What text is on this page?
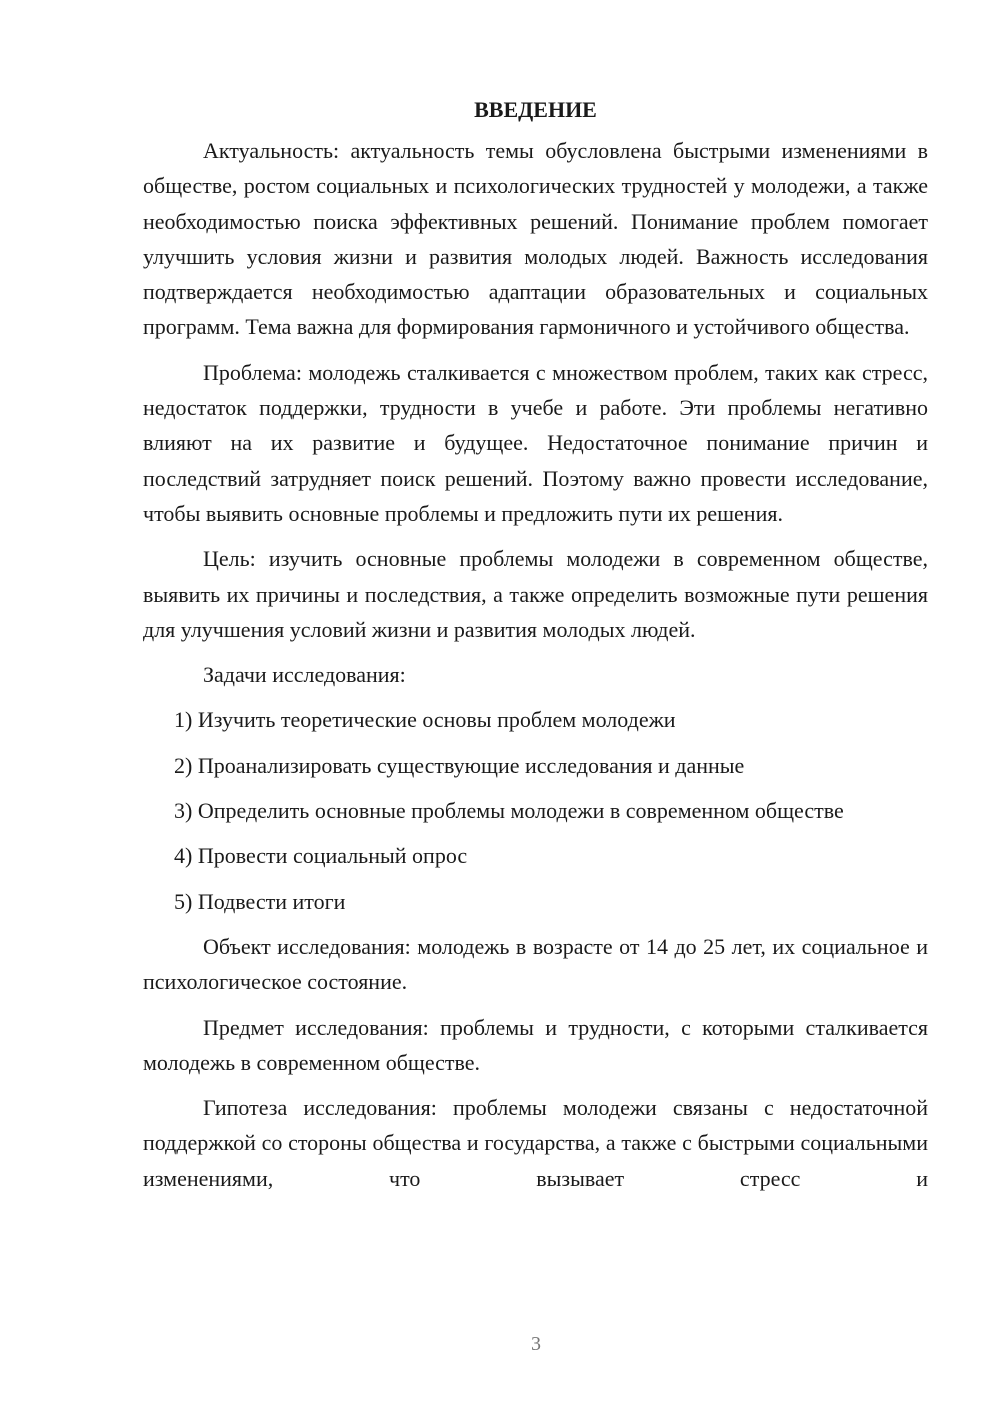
ВВЕДЕНИЕ

Актуальность: актуальность темы обусловлена быстрыми изменениями в обществе, ростом социальных и психологических трудностей у молодежи, а также необходимостью поиска эффективных решений. Понимание проблем помогает улучшить условия жизни и развития молодых людей. Важность исследования подтверждается необходимостью адаптации образовательных и социальных программ. Тема важна для формирования гармоничного и устойчивого общества.

Проблема: молодежь сталкивается с множеством проблем, таких как стресс, недостаток поддержки, трудности в учебе и работе. Эти проблемы негативно влияют на их развитие и будущее. Недостаточное понимание причин и последствий затрудняет поиск решений. Поэтому важно провести исследование, чтобы выявить основные проблемы и предложить пути их решения.

Цель: изучить основные проблемы молодежи в современном обществе, выявить их причины и последствия, а также определить возможные пути решения для улучшения условий жизни и развития молодых людей.

Задачи исследования:

1) Изучить теоретические основы проблем молодежи
2) Проанализировать существующие исследования и данные
3) Определить основные проблемы молодежи в современном обществе
4) Провести социальный опрос
5) Подвести итоги

Объект исследования: молодежь в возрасте от 14 до 25 лет, их социальное и психологическое состояние.

Предмет исследования: проблемы и трудности, с которыми сталкивается молодежь в современном обществе.

Гипотеза исследования: проблемы молодежи связаны с недостаточной поддержкой со стороны общества и государства, а также с быстрыми социальными изменениями, что вызывает стресс и

3
